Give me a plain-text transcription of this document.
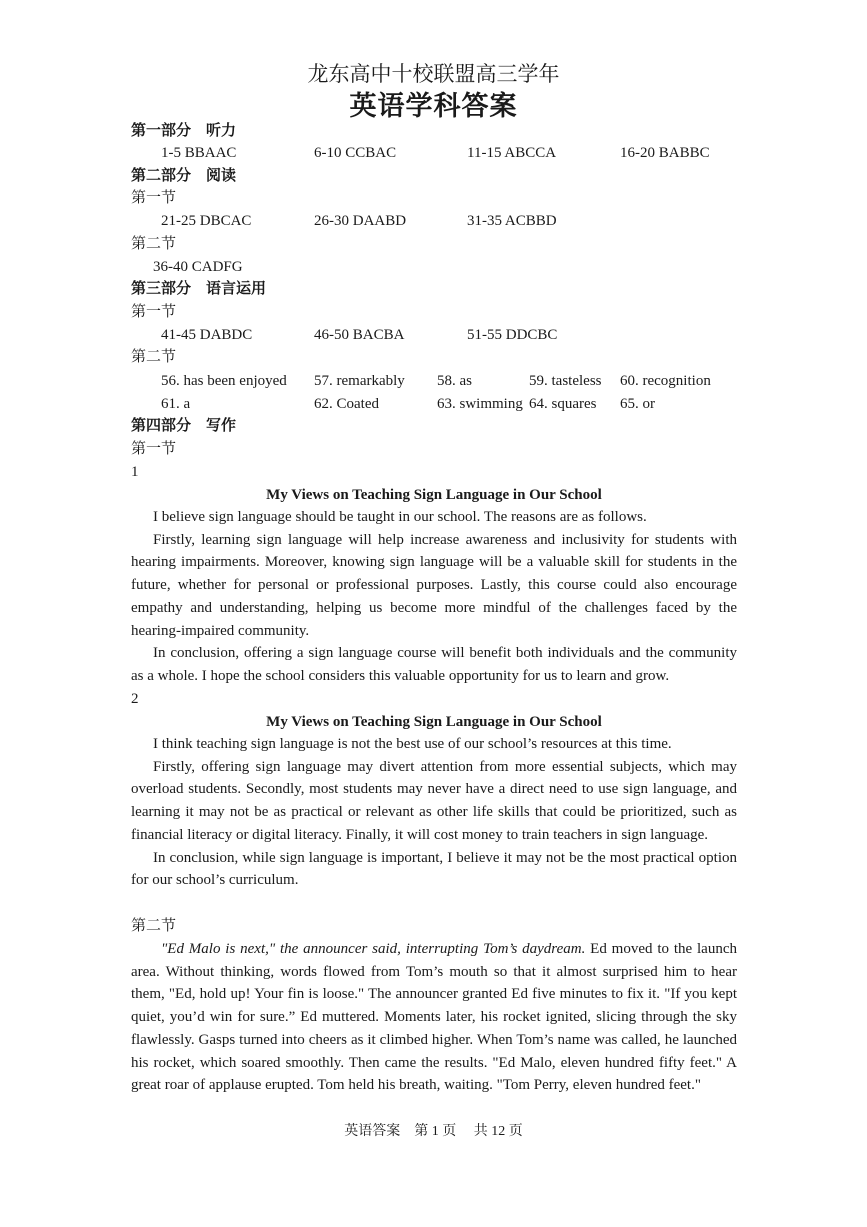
龙东高中十校联盟高三学年
英语学科答案
第一部分　听力
1-5 BBAAC	6-10 CCBAC	11-15 ABCCA	16-20 BABBC
第二部分　阅读
第一节
21-25 DBCAC	26-30 DAABD	31-35 ACBBD
第二节
36-40 CADFG
第三部分　语言运用
第一节
41-45 DABDC	46-50 BACBA	51-55 DDCBC
第二节
56. has been enjoyed 57. remarkably 58. as	59. tasteless 60. recognition
61. a	62. Coated	63. swimming 64. squares 65. or
第四部分　写作
第一节
1
My Views on Teaching Sign Language in Our School

I believe sign language should be taught in our school. The reasons are as follows.

Firstly, learning sign language will help increase awareness and inclusivity for students with hearing impairments. Moreover, knowing sign language will be a valuable skill for students in the future, whether for personal or professional purposes. Lastly, this course could also encourage empathy and understanding, helping us become more mindful of the challenges faced by the hearing-impaired community.

In conclusion, offering a sign language course will benefit both individuals and the community as a whole. I hope the school considers this valuable opportunity for us to learn and grow.

2
My Views on Teaching Sign Language in Our School

I think teaching sign language is not the best use of our school’s resources at this time.

Firstly, offering sign language may divert attention from more essential subjects, which may overload students. Secondly, most students may never have a direct need to use sign language, and learning it may not be as practical or relevant as other life skills that could be prioritized, such as financial literacy or digital literacy. Finally, it will cost money to train teachers in sign language.

In conclusion, while sign language is important, I believe it may not be the most practical option for our school’s curriculum.

第二节

"Ed Malo is next," the announcer said, interrupting Tom’s daydream. Ed moved to the launch area. Without thinking, words flowed from Tom’s mouth so that it almost surprised him to hear them, "Ed, hold up! Your fin is loose." The announcer granted Ed five minutes to fix it. "If you kept quiet, you’d win for sure.” Ed muttered. Moments later, his rocket ignited, slicing through the sky flawlessly. Gasps turned into cheers as it climbed higher. When Tom’s name was called, he launched his rocket, which soared smoothly. Then came the results. "Ed Malo, eleven hundred fifty feet." A great roar of applause erupted. Tom held his breath, waiting. "Tom Perry, eleven hundred feet."

英语答案　第 1 页　 共 12 页
